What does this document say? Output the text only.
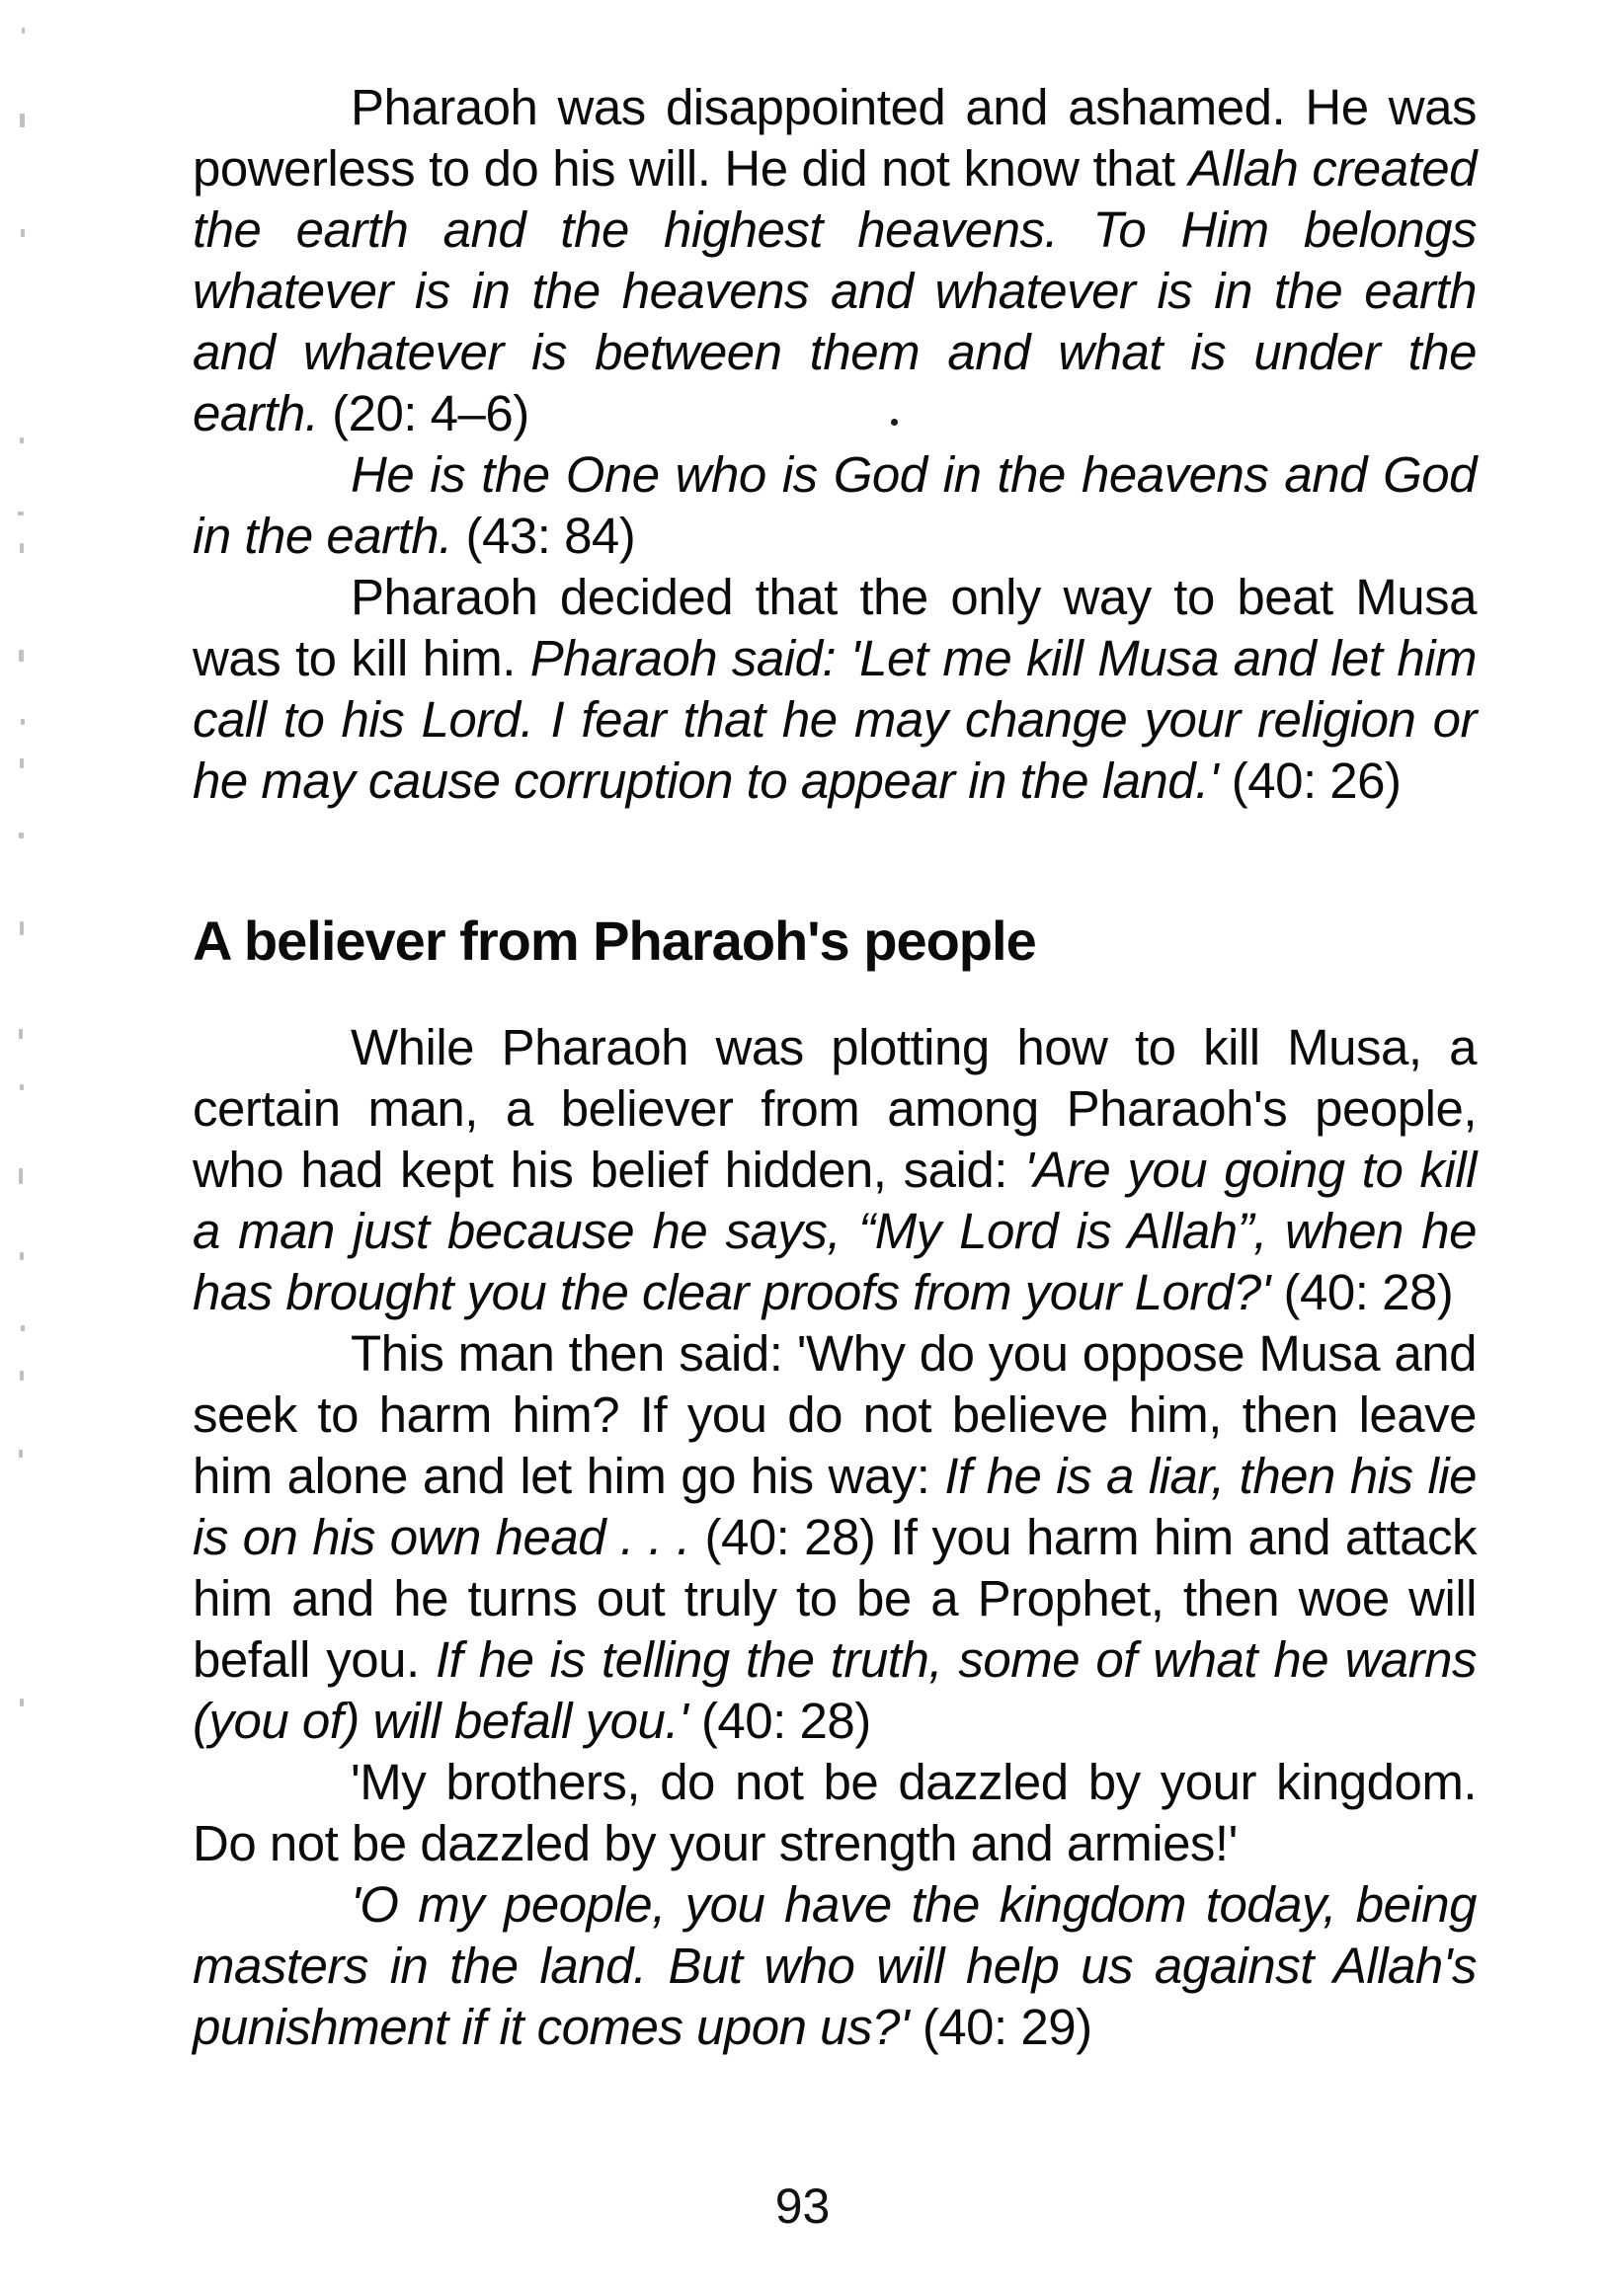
Pharaoh was disappointed and ashamed. He was powerless to do his will. He did not know that Allah created the earth and the highest heavens. To Him belongs whatever is in the heavens and whatever is in the earth and whatever is between them and what is under the earth. (20: 4–6)

He is the One who is God in the heavens and God in the earth. (43: 84)

Pharaoh decided that the only way to beat Musa was to kill him. Pharaoh said: 'Let me kill Musa and let him call to his Lord. I fear that he may change your religion or he may cause corruption to appear in the land.' (40: 26)

A believer from Pharaoh's people

While Pharaoh was plotting how to kill Musa, a certain man, a believer from among Pharaoh's people, who had kept his belief hidden, said: 'Are you going to kill a man just because he says, “My Lord is Allah”, when he has brought you the clear proofs from your Lord?' (40: 28)

This man then said: 'Why do you oppose Musa and seek to harm him? If you do not believe him, then leave him alone and let him go his way: If he is a liar, then his lie is on his own head . . . (40: 28) If you harm him and attack him and he turns out truly to be a Prophet, then woe will befall you. If he is telling the truth, some of what he warns (you of) will befall you.' (40: 28)

'My brothers, do not be dazzled by your kingdom. Do not be dazzled by your strength and armies!'

'O my people, you have the kingdom today, being masters in the land. But who will help us against Allah's punishment if it comes upon us?' (40: 29)

93
